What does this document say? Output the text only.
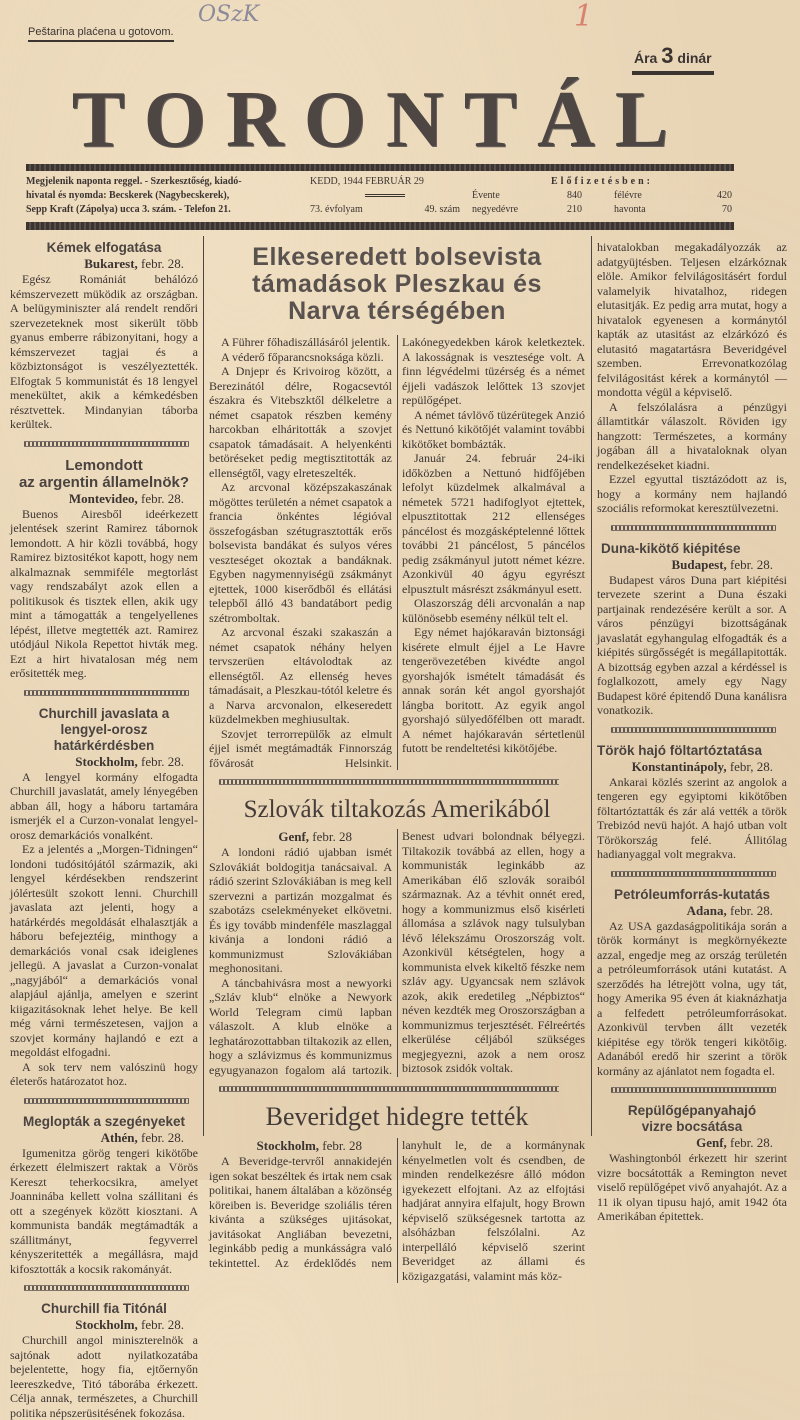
OSzK	1
Peštarina plaćena u gotovom.
Ára 3 dinár
TORONTÁL
Megjelenik naponta reggel. - Szerkesztőség, kiadó-
hivatal és nyomda: Becskerek (Nagybecskerek),
Sepp Kraft (Zápolya) ucca 3. szám. - Telefon 21.
KEDD, 1944 FEBRUÁR 29
73. évfolyam	49. szám
Előfizetésben:
Évente	840	félévre	420
negyedévre	210	havonta	70
Kémek elfogatása
Bukarest, febr. 28.

Egész Romániát behálózó kémszervezett müködik az országban. A belügyminiszter alá rendelt rendőri szervezeteknek most sikerült több gyanus emberre rábizonyitani, hogy a kémszervezet tagjai és a közbiztonságot is veszélyeztették. Elfogtak 5 kommunistát és 18 lengyel menekültet, akik a kémkedésben résztvettek. Mindanyian táborba kerültek.

Lemondott
az argentin államelnök?
Montevideo, febr. 28.

Buenos Airesből ideérkezett jelentések szerint Ramirez tábornok lemondott. A hir közli továbbá, hogy Ramirez biztositékot kapott, hogy nem alkalmaznak semmiféle megtorlást vagy rendszabályt azok ellen a politikusok és tisztek ellen, akik ugy mint a támogatták a tengelyellenes lépést, illetve megtették azt. Ramirez utódjául Nikola Repettot hivták meg. Ezt a hirt hivatalosan még nem erősitették meg.

Churchill javaslata a
lengyel-orosz határkérdésben
Stockholm, febr. 28.

A lengyel kormány elfogadta Churchill javaslatát, amely lényegében abban áll, hogy a háboru tartamára ismerjék el a Curzon-vonalat lengyel-orosz demarkációs vonalként.

Ez a jelentés a „Morgen-Tidningen“ londoni tudósitójától származik, aki lengyel kérdésekben rendszerint jólértesült szokott lenni. Churchill javaslata azt jelenti, hogy a határkérdés megoldását elhalasztják a háboru befejeztéig, minthogy a demarkációs vonal csak ideiglenes jellegü. A javaslat a Curzon-vonalat „nagyjából“ a demarkációs vonal alapjául ajánlja, amelyen e szerint kiigazitásoknak lehet helye. Be kell még várni természetesen, vajjon a szovjet kormány hajlandó e ezt a megoldást elfogadni.

A sok terv nem valószinü hogy életerős határozatot hoz.

Meglopták a szegényeket
Athén, febr. 28.

Igumenitza görög tengeri kikötőbe érkezett élelmiszert raktak a Vörös Kereszt teherkocsikra, amelyet Joanninába kellett volna szállitani és ott a szegények között kiosztani. A kommunista bandák megtámadták a szállitmányt, fegyverrel kényszeritették a megállásra, majd kifosztották a kocsik rakományát.

Churchill fia Titónál
Stockholm, febr. 28.

Churchill angol miniszterelnök a sajtónak adott nyilatkozatába bejelentette, hogy fia, ejtőernyőn leereszkedve, Titó táborába érkezett. Célja annak, természetes, a Churchill politika népszerüsitésének fokozása.

Elkeseredett bolsevista
támadások Pleszkau és
Narva térségében

A Führer főhadiszállásáról jelentik.

A véderő főparancsnoksága közli.

A Dnjepr és Krivoirog között, a Berezinától délre, Rogacsevtól északra és Vitebszktől délkeletre a német csapatok részben kemény harcokban elháritották a szovjet csapatok támadásait. A helyenkénti betöréseket pedig megtisztitották az ellenségtől, vagy elreteszelték.

Az arcvonal középszakaszának mögöttes területén a német csapatok a francia önkéntes légióval összefogásban szétugrasztották erős bolsevista bandákat és sulyos véres veszteséget okoztak a bandáknak. Egyben nagymennyiségü zsákmányt ejtettek, 1000 kiserődből és ellátási telepből álló 43 bandatábort pedig szétromboltak.

Az arcvonal északi szakaszán a német csapatok néhány helyen tervszerüen eltávolodtak az ellenségtől. Az ellenség heves támadásait, a Pleszkau-tótól keletre és a Narva arcvonalon, elkeseredett küzdelmekben meghiusultak.

Szovjet terrorrepülők az elmult éjjel ismét megtámadták Finnország fővárosát Helsinkit. Lakónegyedekben károk keletkeztek. A lakosságnak is vesztesége volt. A finn légvédelmi tüzérség és a német éjjeli vadászok lelőttek 13 szovjet repülőgépet.

A német távlövő tüzérütegek Anzió és Nettunó kikötőjét valamint további kikötőket bombázták.

Január 24. február 24-iki időközben a Nettunó hidfőjében lefolyt küzdelmek alkalmával a németek 5721 hadifoglyot ejtettek, elpusztitottak 212 ellenséges páncélost és mozgásképtelenné lőttek további 21 páncélost, 5 páncélos pedig zsákmányul jutott német kézre. Azonkivül 40 ágyu egyrészt elpusztult másrészt zsákmányul esett.

Olaszország déli arcvonalán a nap különösebb esemény nélkül telt el.

Egy német hajókaraván biztonsági kisérete elmult éjjel a Le Havre tengerövezetében kivédte angol gyorshajók ismételt támadását és annak során két angol gyorshajót lángba boritott. Az egyik angol gyorshajó sülyedőfélben ott maradt. A német hajókaraván sértetlenül futott be rendeltetési kikötőjébe.

Szlovák tiltakozás Amerikából
Genf, febr. 28

A londoni rádió ujabban ismét Szlovákiát boldogitja tanácsaival. A rádió szerint Szlovákiában is meg kell szervezni a partizán mozgalmat és szabotázs cselekményeket elkövetni. És igy tovább mindenféle maszlaggal kivánja a londoni rádió a kommunizmust Szlovákiában meghonositani.

A táncbahivásra most a newyorki „Szláv klub“ elnöke a Newyork World Telegram cimü lapban válaszolt. A klub elnöke a leghatározottabban tiltakozik az ellen, hogy a szlávizmus és kommunizmus egyugyanazon fogalom alá tartozik. Benest udvari bolondnak bélyegzi. Tiltakozik továbbá az ellen, hogy a kommunisták leginkább az Amerikában élő szlovák soraiból származnak. Az a tévhit onnét ered, hogy a kommunizmus első kisérleti állomása a szlávok nagy tulsulyban lévő lélekszámu Oroszország volt. Azonkivül kétségtelen, hogy a kommunista elvek kikeltő fészke nem szláv agy. Ugyancsak nem szlávok azok, akik eredetileg „Népbiztos“ néven kezdték meg Oroszországban a kommunizmus terjesztését. Félreértés elkerülése céljából szükséges megjegyezni, azok a nem orosz biztosok zsidók voltak.

Beveridget hidegre tették
Stockholm, febr. 28

A Beveridge-tervről annakidején igen sokat beszéltek és irtak nem csak politikai, hanem általában a közönség köreiben is. Beveridge szoliális téren kivánta a szükséges ujitásokat, javitásokat Angliában bevezetni, leginkább pedig a munkásságra való tekintettel. Az érdeklődés nem lanyhult le, de a kormánynak kényelmetlen volt és csendben, de minden rendelkezésre álló módon igyekezett elfojtani. Az az elfojtási hadjárat annyira elfajult, hogy Brown képviselő szükségesnek tartotta az alsóházban felszólalni. Az interpelláló képviselő szerint Beveridget az állami és közigazgatási, valamint más köz-

hivatalokban megakadályozzák az adatgyüjtésben. Teljesen elzárkóznak elöle. Amikor felvilágositásért fordul valamelyik hivatalhoz, ridegen elutasitják. Ez pedig arra mutat, hogy a hivatalok egyenesen a kormánytól kapták az utasitást az elzárkózó és elutasitó magatartásra Beveridgével szemben. Errevonatkozólag felvilágositást kérek a kormánytól — mondotta végül a képviselő.

A felszólalásra a pénzügyi államtitkár válaszolt. Röviden igy hangzott: Természetes, a kormány jogában áll a hivataloknak olyan rendelkezéseket kiadni.

Ezzel egyuttal tisztázódott az is, hogy a kormány nem hajlandó szociális reformokat keresztülvezetni.

Duna-kikötő kiépitése
Budapest, febr. 28.

Budapest város Duna part kiépitési tervezete szerint a Duna északi partjainak rendezésére került a sor. A város pénzügyi bizottságának javaslatát egyhangulag elfogadták és a kiépités sürgősségét is megállapitották. A bizottság egyben azzal a kérdéssel is foglalkozott, amely egy Nagy Budapest köré épitendő Duna kanálisra vonatkozik.

Török hajó föltartóztatása
Konstantinápoly, febr, 28.

Ankarai közlés szerint az angolok a tengeren egy egyiptomi kikötőben föltartóztatták és zár alá vették a török Trebizód nevü hajót. A hajó utban volt Törökország felé. Állitólag hadianyaggal volt megrakva.

Petróleumforrás-kutatás
Adana, febr. 28.

Az USA gazdaságpolitikája során a török kormányt is megkörnyékezte azzal, engedje meg az ország területén a petróleumforrások utáni kutatást. A szerződés ha létrejött volna, ugy tát, hogy Amerika 95 éven át kiaknázhatja a felfedett petróleumforrásokat. Azonkivül tervben állt vezeték kiépitése egy török tengeri kikötőig. Adanából eredő hir szerint a török kormány az ajánlatot nem fogadta el.

Repülőgépanyahajó
vizre bocsátása
Genf, febr. 28.

Washingtonból érkezett hir szerint vizre bocsátották a Remington nevet viselő repülőgépet vivő anyahajót. Az a 11 ik olyan tipusu hajó, amit 1942 óta Amerikában épitettek.
